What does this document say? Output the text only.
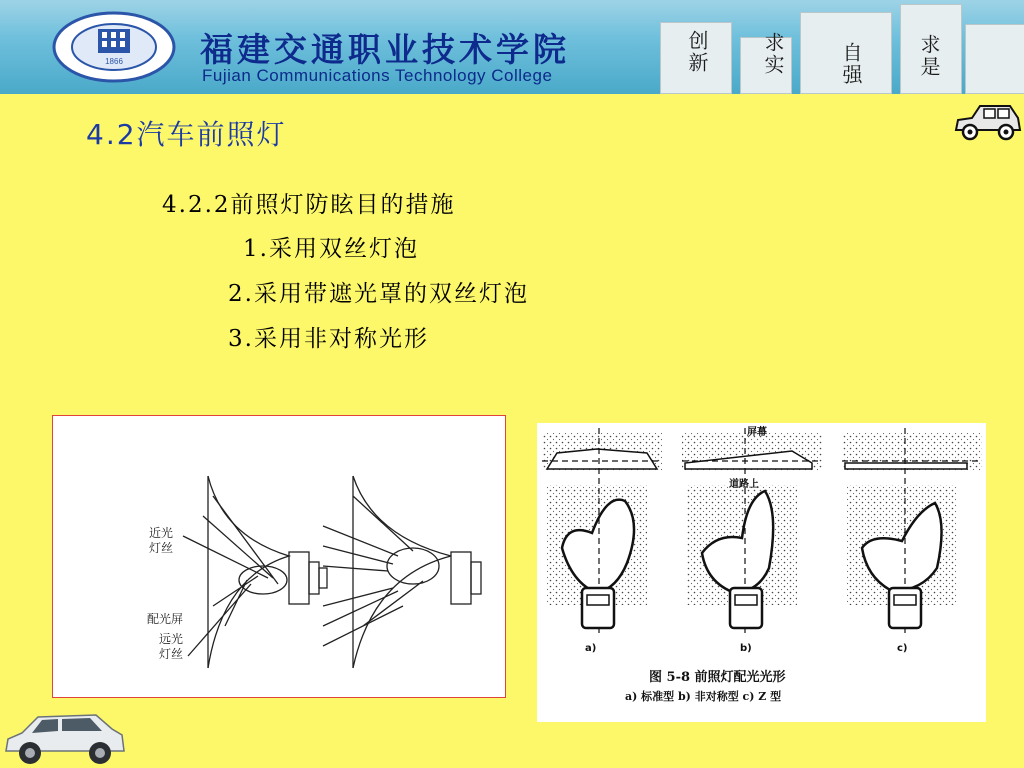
1866 福建交通职业技术学院
Fujian Communications Technology College
创新	求实	自强	求是
4.2汽车前照灯
4.2.2前照灯防眩目的措施
1.采用双丝灯泡
2.采用带遮光罩的双丝灯泡
3.采用非对称光形
近光
灯丝
配光屏
远光
灯丝
屏幕
道路上
a)	b)	c)
图 5-8 前照灯配光光形
a) 标准型 b) 非对称型 c) Z 型
